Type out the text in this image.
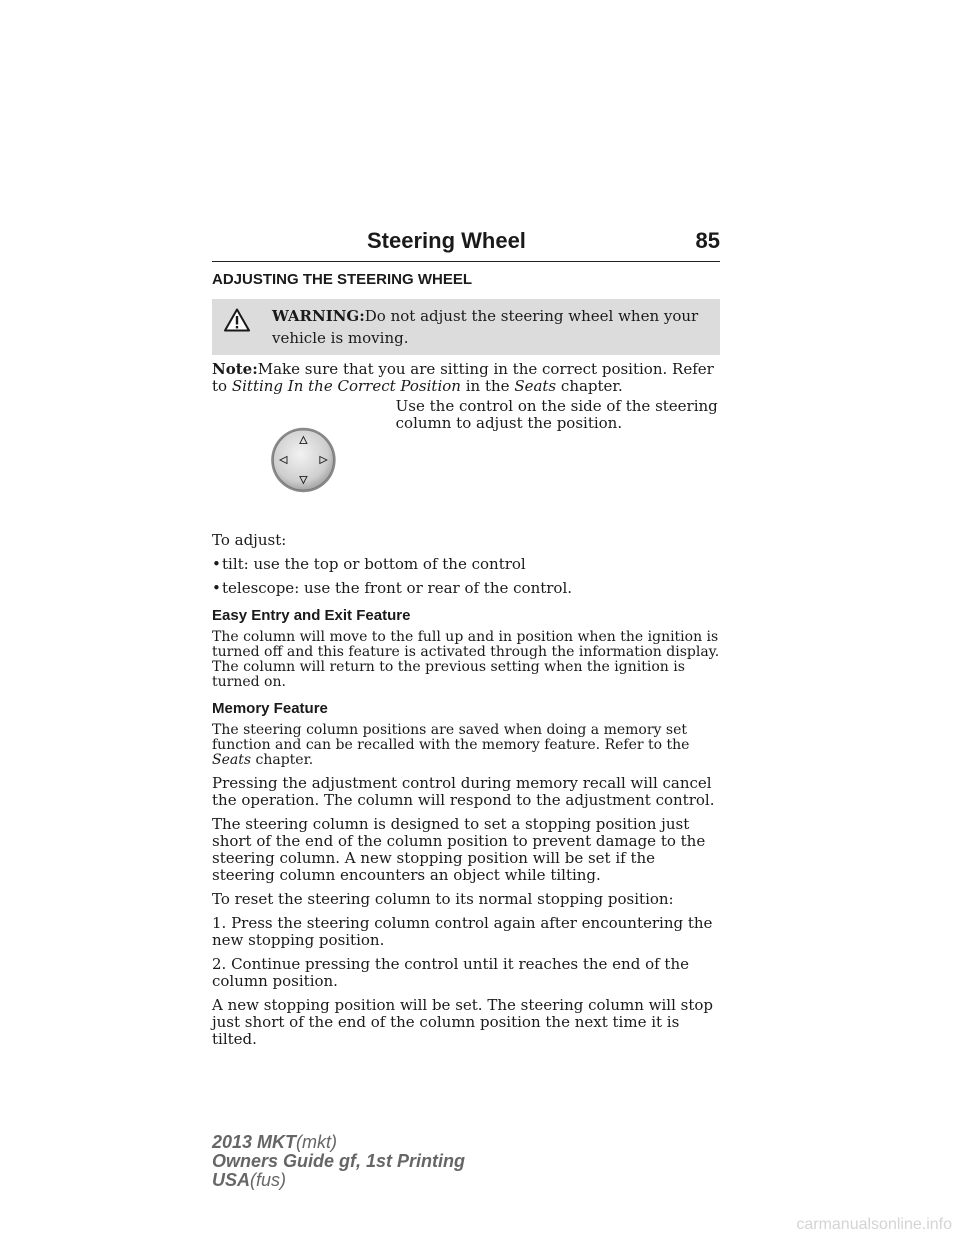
Steering Wheel	85
ADJUSTING THE STEERING WHEEL
WARNING:Do not adjust the steering wheel when your vehicle is moving.

Note:Make sure that you are sitting in the correct position. Refer to Sitting In the Correct Position in the Seats chapter.

Use the control on the side of the steering column to adjust the position.

To adjust:

• tilt: use the top or bottom of the control
• telescope: use the front or rear of the control.
Easy Entry and Exit Feature

The column will move to the full up and in position when the ignition is turned off and this feature is activated through the information display. The column will return to the previous setting when the ignition is turned on.

Memory Feature

The steering column positions are saved when doing a memory set function and can be recalled with the memory feature. Refer to the Seats chapter.

Pressing the adjustment control during memory recall will cancel the operation. The column will respond to the adjustment control.

The steering column is designed to set a stopping position just short of the end of the column position to prevent damage to the steering column. A new stopping position will be set if the steering column encounters an object while tilting.

To reset the steering column to its normal stopping position:

1. Press the steering column control again after encountering the new stopping position.

2. Continue pressing the control until it reaches the end of the column position.

A new stopping position will be set. The steering column will stop just short of the end of the column position the next time it is tilted.

2013 MKT(mkt)
Owners Guide gf, 1st Printing
USA(fus)
carmanualsonline.info
